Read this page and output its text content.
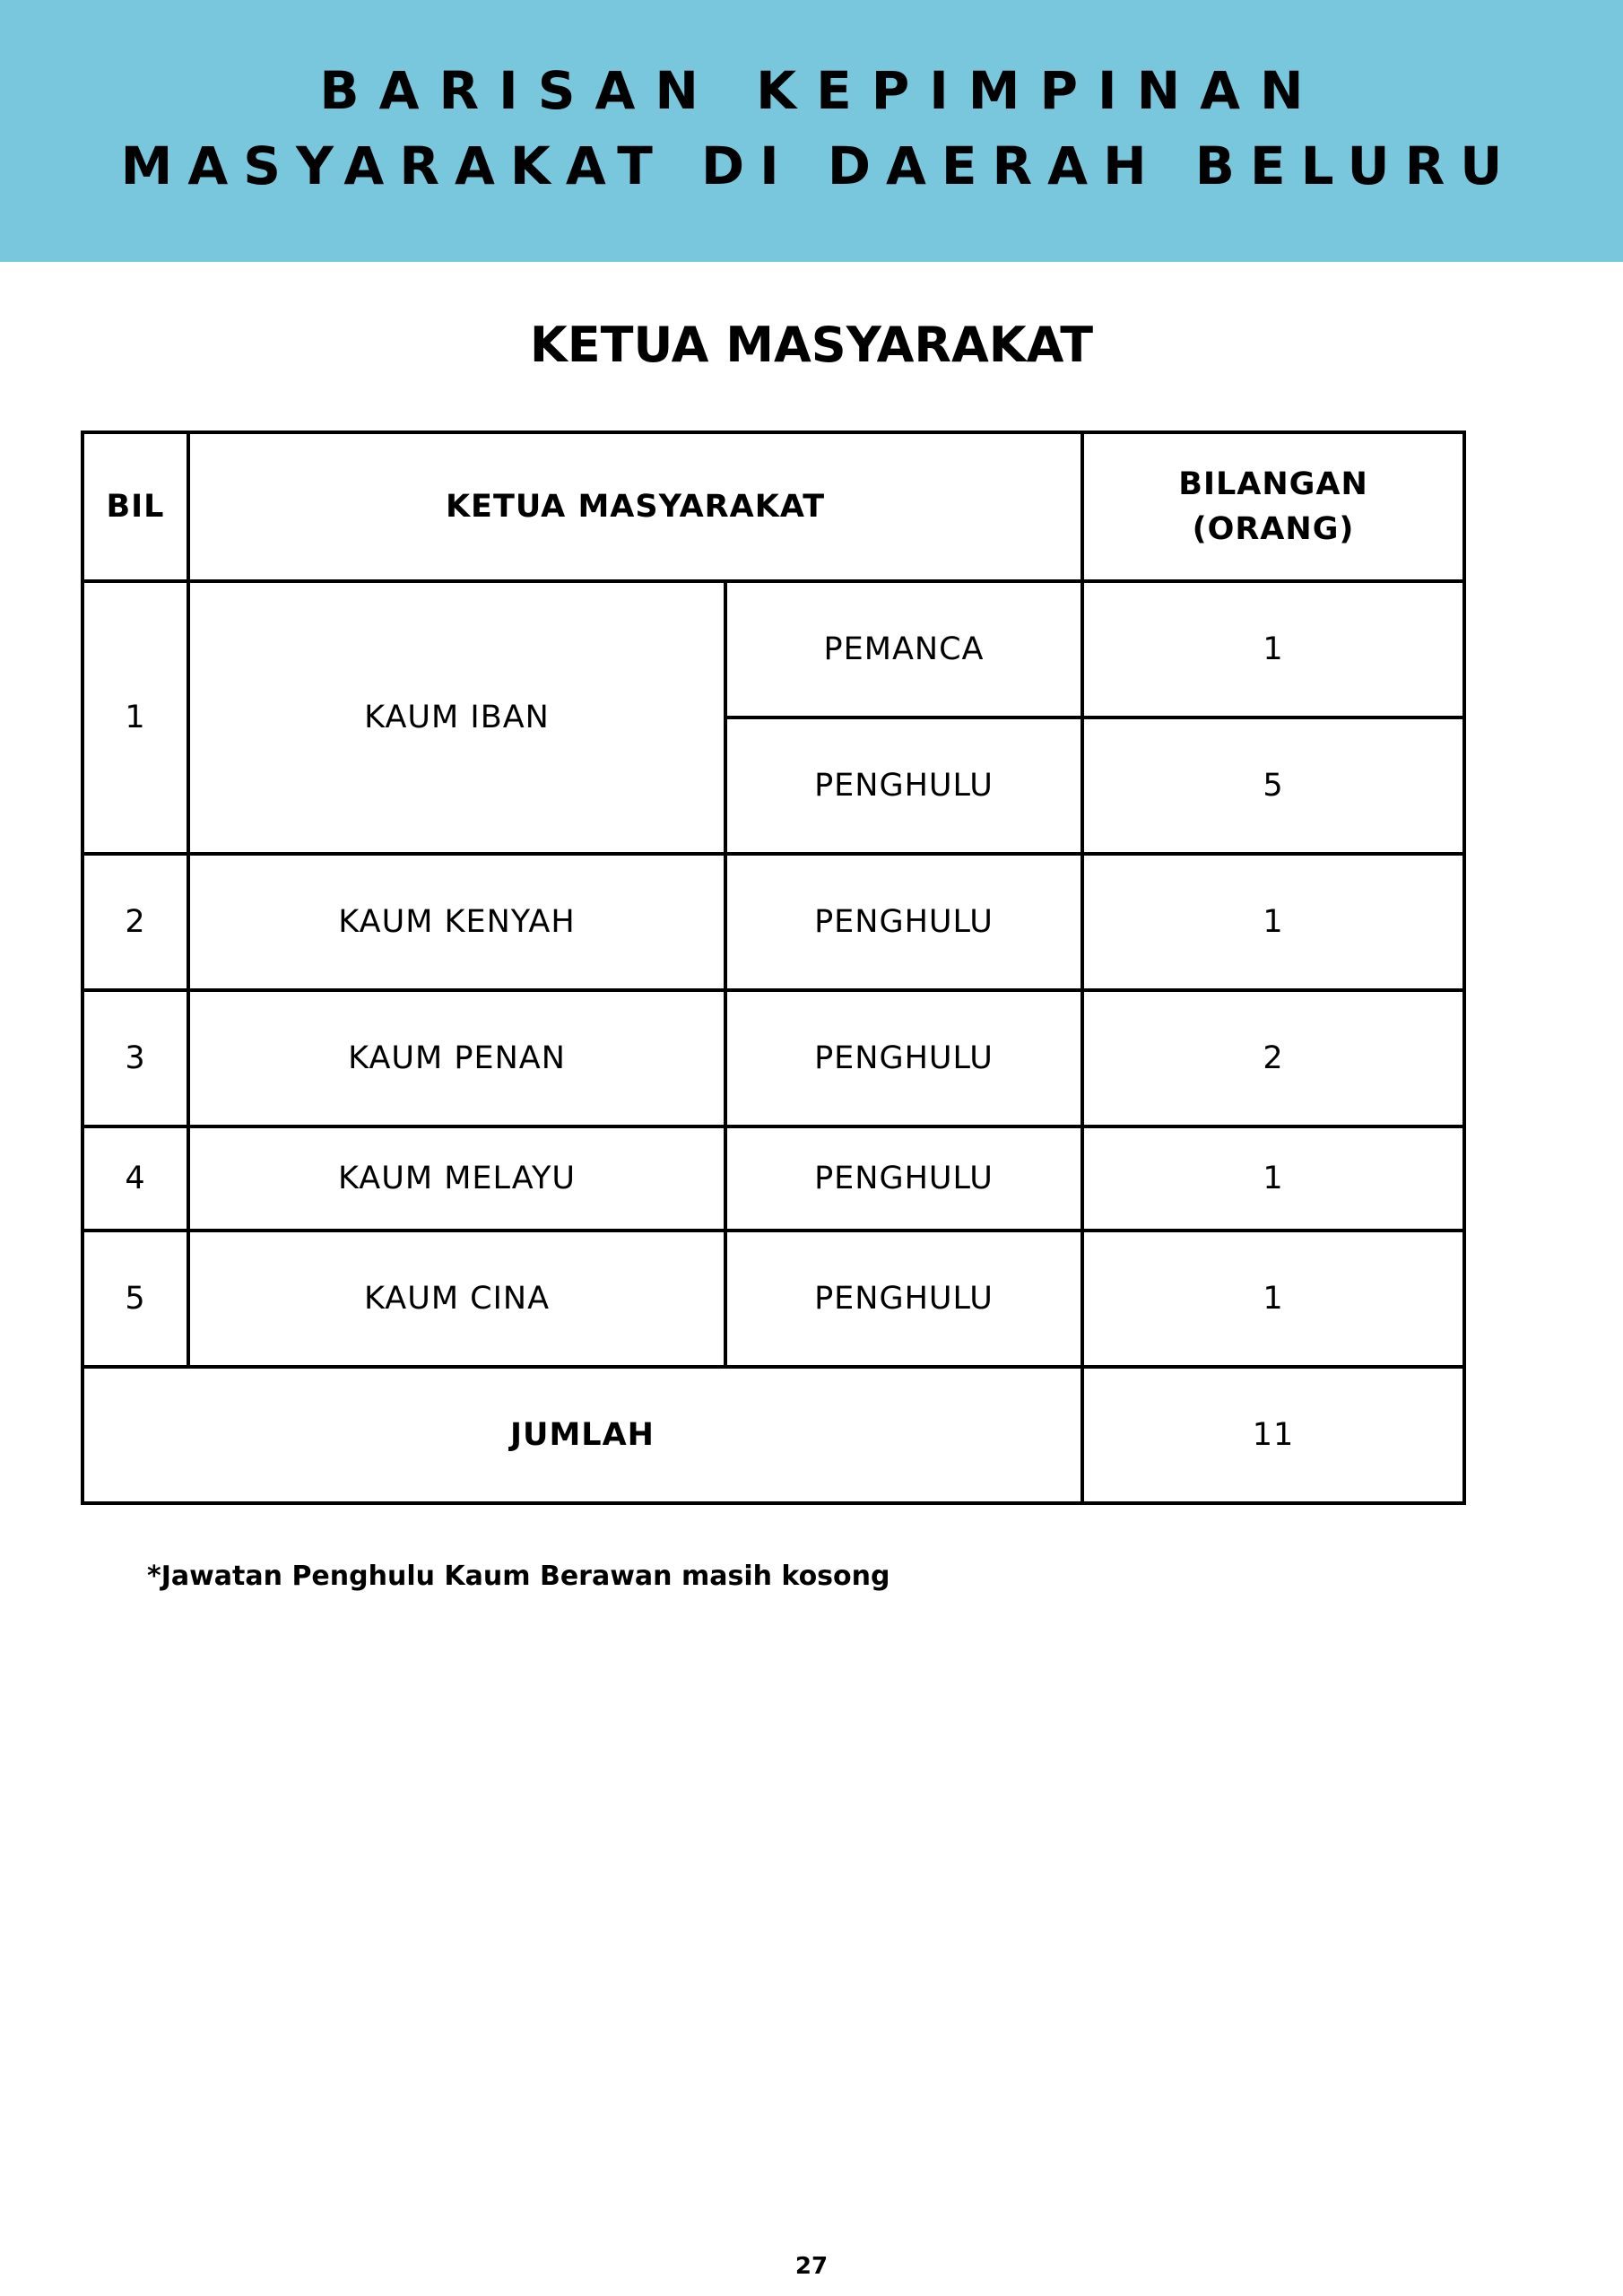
BARISAN KEPIMPINAN
MASYARAKAT DI DAERAH BELURU
KETUA MASYARAKAT
BIL	KETUA MASYARAKAT		BILANGAN
(ORANG)
1	KAUM IBAN	PEMANCA	1
		PENGHULU	5
2	KAUM KENYAH	PENGHULU	1
3	KAUM PENAN	PENGHULU	2
4	KAUM MELAYU	PENGHULU	1
5	KAUM CINA	PENGHULU	1
JUMLAH			11
*Jawatan Penghulu Kaum Berawan masih kosong
27
